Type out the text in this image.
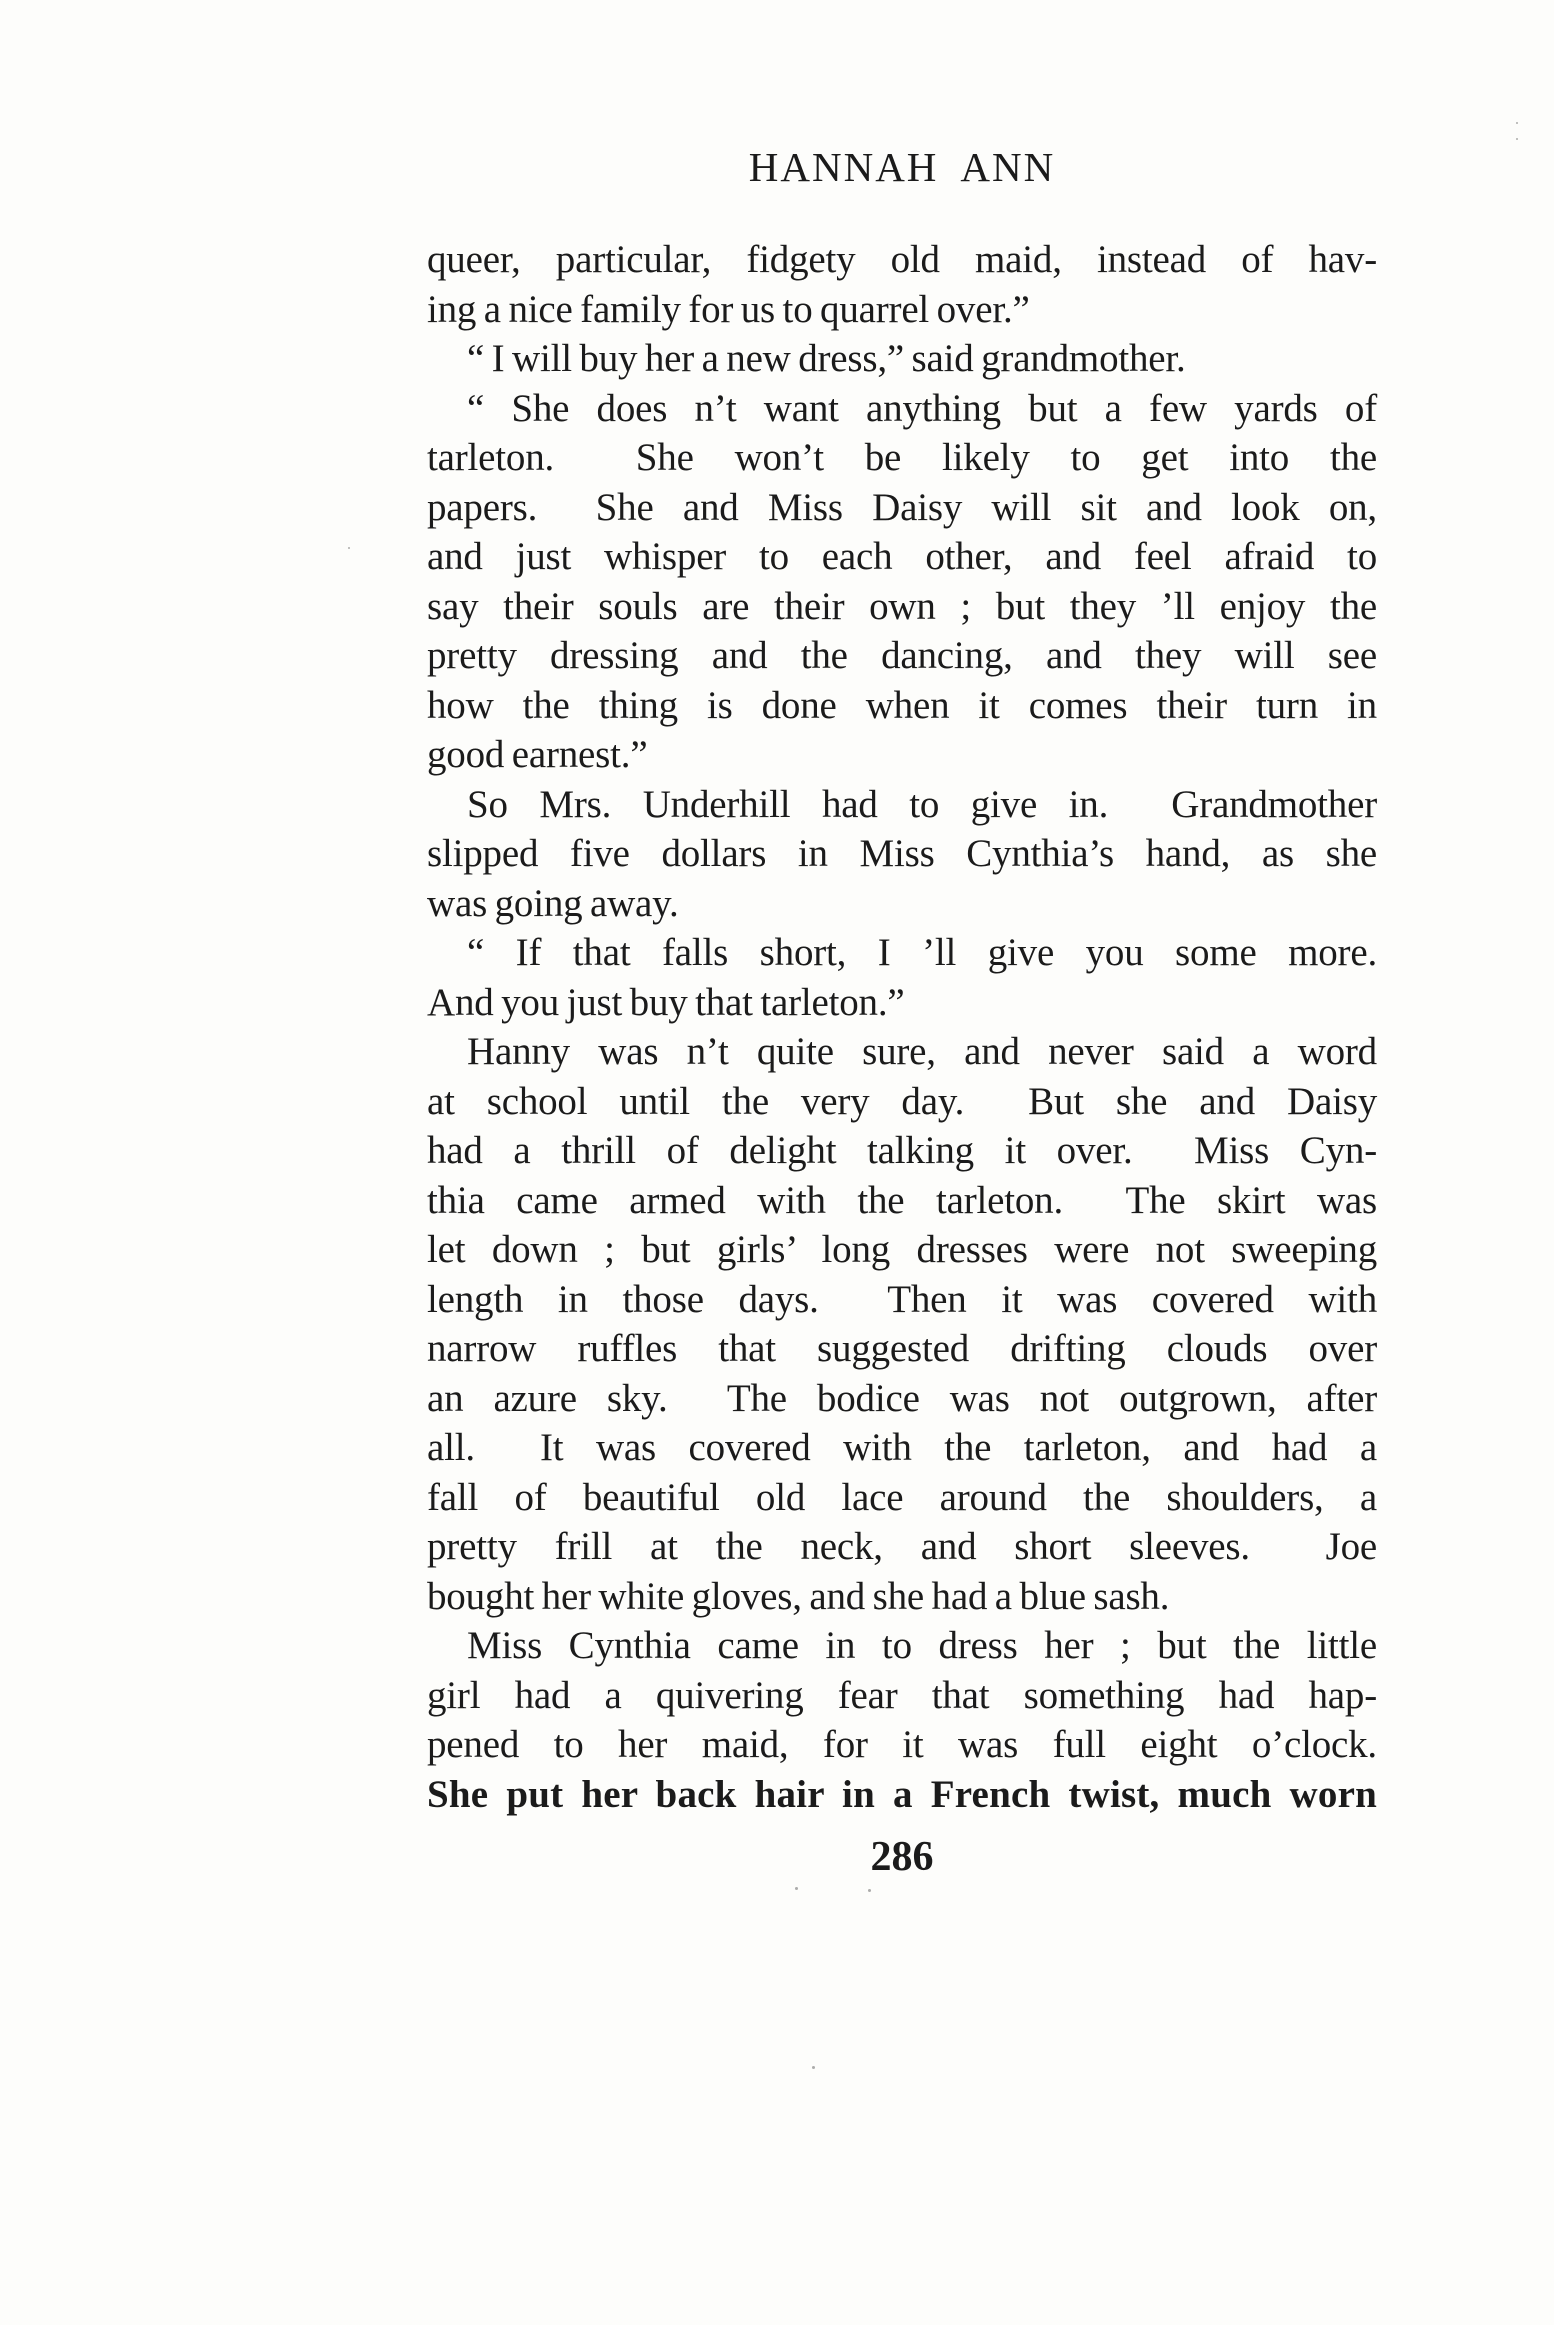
HANNAH ANN
queer, particular, fidgety old maid, instead of hav-
ing a nice family for us to quarrel over.”
“ I will buy her a new dress,” said grandmother.
“ She does n’t want anything but a few yards of
tarleton.  She won’t be likely to get into the
papers.  She and Miss Daisy will sit and look on,
and just whisper to each other, and feel afraid to
say their souls are their own ; but they ’ll enjoy the
pretty dressing and the dancing, and they will see
how the thing is done when it comes their turn in
good earnest.”
So Mrs. Underhill had to give in.  Grandmother
slipped five dollars in Miss Cynthia’s hand, as she
was going away.
“ If that falls short, I ’ll give you some more.
And you just buy that tarleton.”
Hanny was n’t quite sure, and never said a word
at school until the very day.  But she and Daisy
had a thrill of delight talking it over.  Miss Cyn-
thia came armed with the tarleton.  The skirt was
let down ; but girls’ long dresses were not sweeping
length in those days.  Then it was covered with
narrow ruffles that suggested drifting clouds over
an azure sky.  The bodice was not outgrown, after
all.  It was covered with the tarleton, and had a
fall of beautiful old lace around the shoulders, a
pretty frill at the neck, and short sleeves.  Joe
bought her white gloves, and she had a blue sash.
Miss Cynthia came in to dress her ; but the little
girl had a quivering fear that something had hap-
pened to her maid, for it was full eight o’clock.
She put her back hair in a French twist, much worn
286
